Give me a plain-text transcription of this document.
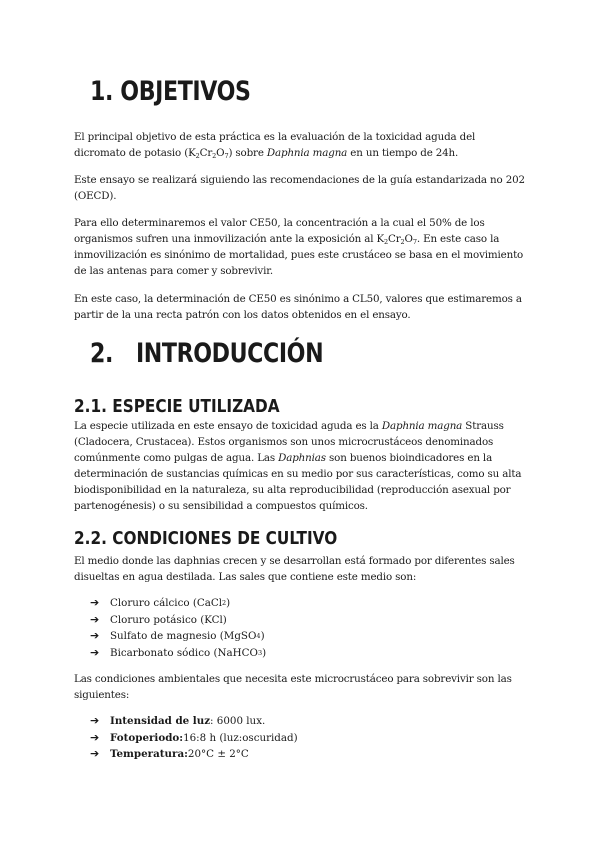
1. OBJETIVOS
El principal objetivo de esta práctica es la evaluación de la toxicidad aguda del
dicromato de potasio $(K_2Cr_2O_7)$ sobre Daphnia magna en un tiempo de 24h.
Este ensayo se realizará siguiendo las recomendaciones de la guía estandarizada no 202
(OECD).
Para ello determinaremos el valor CE50, la concentración a la cual el 50% de los
organismos sufren una inmovilización ante la exposición al $K_2Cr_2O_7$. En este caso la
inmovilización es sinónimo de mortalidad, pues este crustáceo se basa en el movimiento
de las antenas para comer y sobrevivir.
En este caso, la determinación de CE50 es sinónimo a CL50, valores que estimaremos a
partir de la una recta patrón con los datos obtenidos en el ensayo.
2. INTRODUCCIÓN
2.1. ESPECIE UTILIZADA
La especie utilizada en este ensayo de toxicidad aguda es la Daphnia magna Strauss
(Cladocera, Crustacea). Estos organismos son unos microcrustáceos denominados
comúnmente como pulgas de agua. Las Daphnias son buenos bioindicadores en la
determinación de sustancias químicas en su medio por sus características, como su alta
biodisponibilidad en la naturaleza, su alta reproducibilidad (reproducción asexual por
partenogénesis) o su sensibilidad a compuestos químicos.
2.2. CONDICIONES DE CULTIVO
El medio donde las daphnias crecen y se desarrollan está formado por diferentes sales
disueltas en agua destilada. Las sales que contiene este medio son:
➔	Cloruro cálcico (CaCl 2 )
➔	Cloruro potásico (KCl)
➔	Sulfato de magnesio (MgSO 4 )
➔	Bicarbonato sódico (NaHCO 3 )
Las condiciones ambientales que necesita este microcrustáceo para sobrevivir son las
siguientes:
➔	Intensidad de luz : 6000 lux.
➔	Fotoperiodo: 16:8 h (luz:oscuridad)
➔	Temperatura: 20°C ± 2°C
